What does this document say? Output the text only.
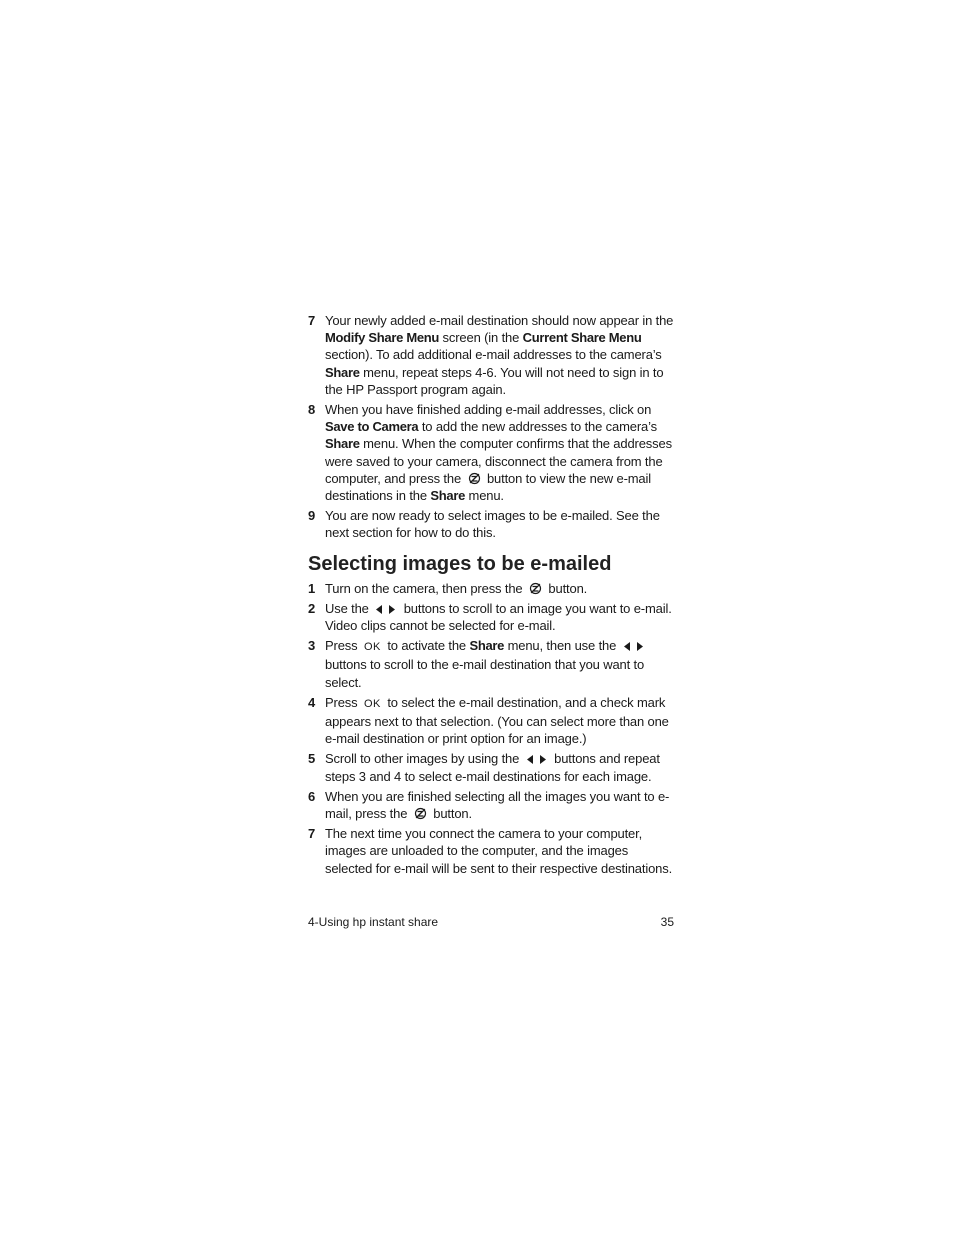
7 Your newly added e-mail destination should now appear in the Modify Share Menu screen (in the Current Share Menu section). To add additional e-mail addresses to the camera’s Share menu, repeat steps 4-6. You will not need to sign in to the HP Passport program again.

8 When you have finished adding e-mail addresses, click on Save to Camera to add the new addresses to the camera’s Share menu. When the computer confirms that the addresses were saved to your camera, disconnect the camera from the computer, and press the button to view the new e-mail destinations in the Share menu.

9 You are now ready to select images to be e-mailed. See the next section for how to do this.

Selecting images to be e-mailed

1 Turn on the camera, then press the button.

2 Use the	buttons to scroll to an image you want to e-mail. Video clips cannot be selected for e-mail.

3 Press OK to activate the Share menu, then use the  buttons to scroll to the e-mail destination that you want to select.

4 Press OK to select the e-mail destination, and a check mark appears next to that selection. (You can select more than one e-mail destination or print option for an image.)

5 Scroll to other images by using the	buttons and repeat steps 3 and 4 to select e-mail destinations for each image.

6 When you are finished selecting all the images you want to e-mail, press the button.

7 The next time you connect the camera to your computer, images are unloaded to the computer, and the images selected for e-mail will be sent to their respective destinations.

4-Using hp instant share	35
